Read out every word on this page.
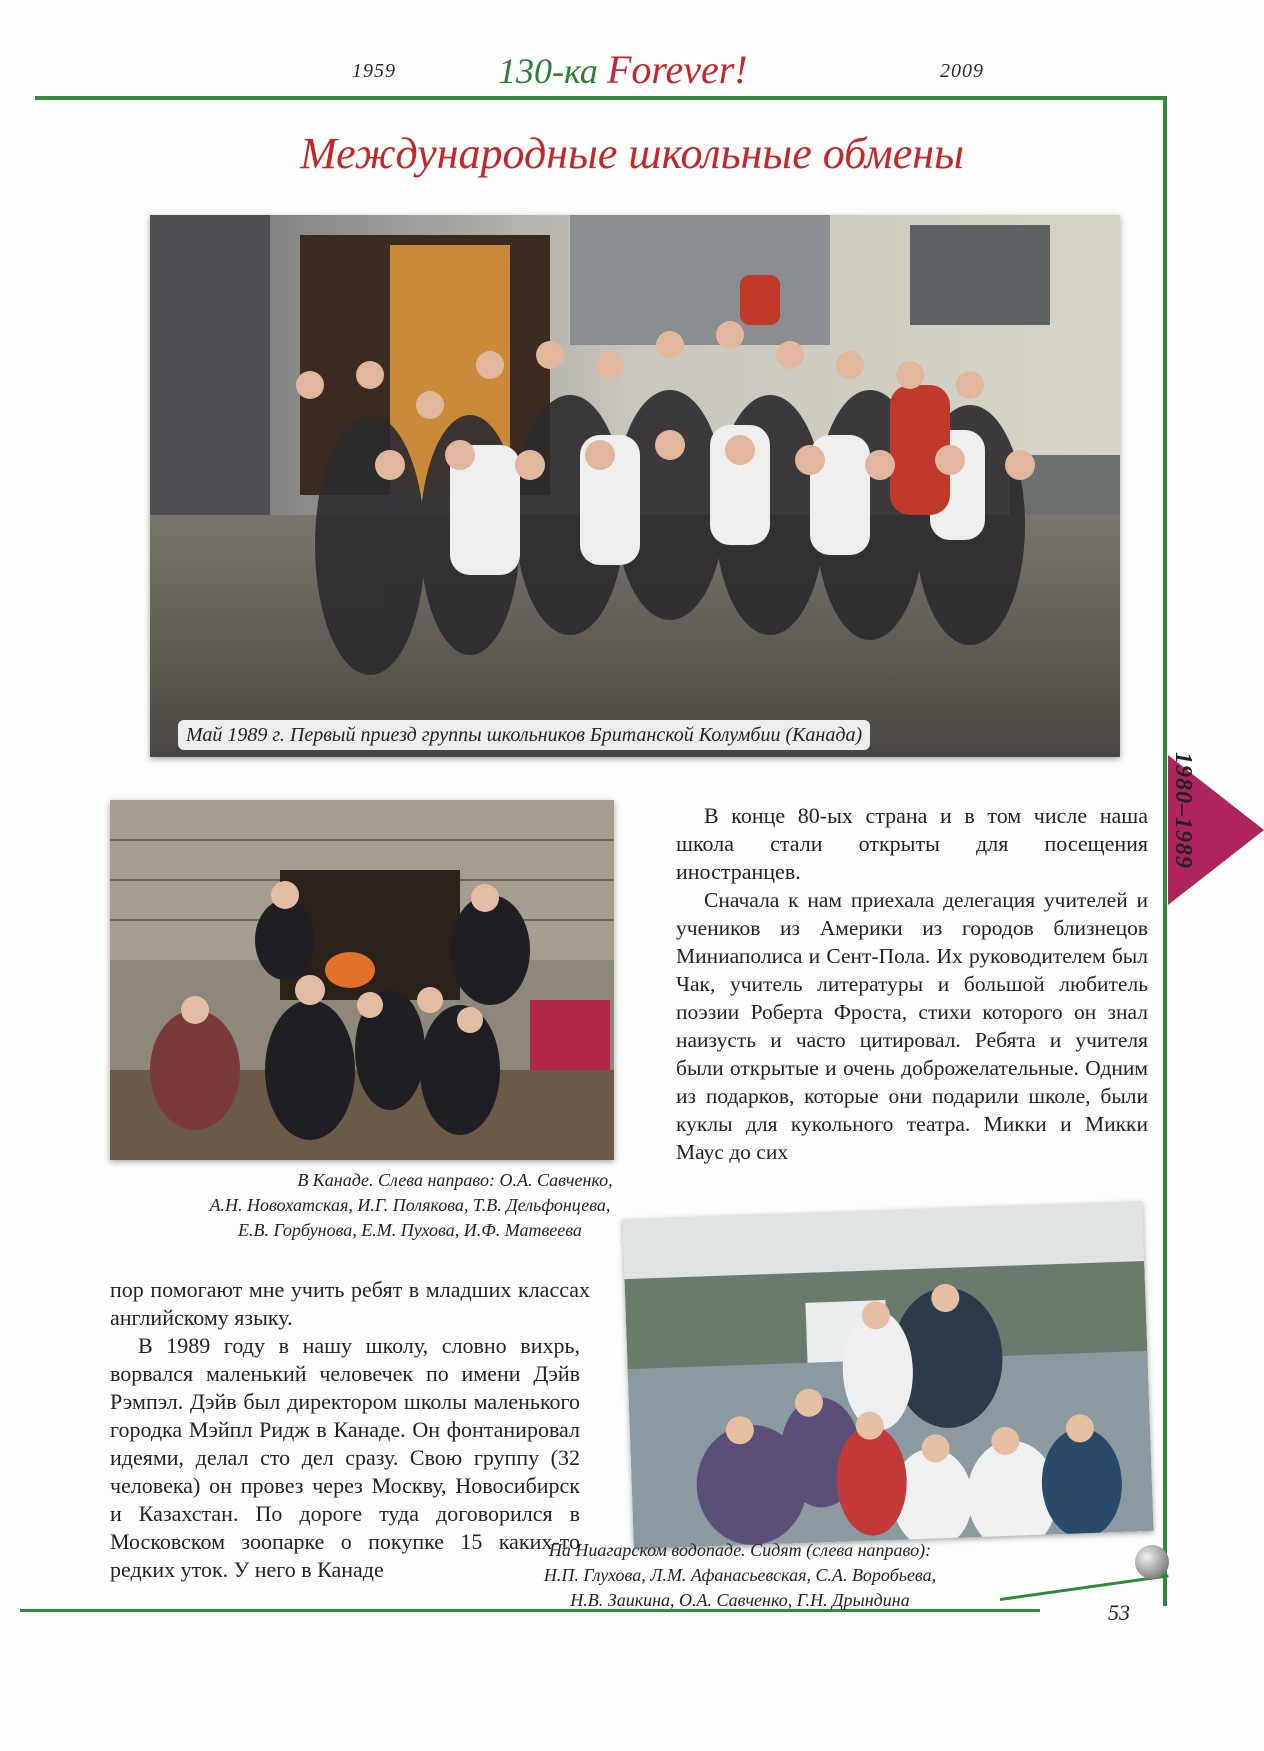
1959	130-ка Forever!	2009
Международные школьные обмены
Май 1989 г. Первый приезд группы школьников Британской Колумбии (Канада)
В Канаде. Слева направо: О.А. Савченко,
А.Н. Новохатская, И.Г. Полякова, Т.В. Дельфонцева,
Е.В. Горбунова, Е.М. Пухова, И.Ф. Матвеева
На Ниагарском водопаде. Сидят (слева направо):
Н.П. Глухова, Л.М. Афанасьевская, С.А. Воробьева,
Н.В. Заикина, О.А. Савченко, Г.Н. Дрындина

В конце 80-ых страна и в том числе наша школа стали открыты для посещения иностранцев.

Сначала к нам приехала делегация учителей и учеников из Америки из городов близнецов Миниаполиса и Сент-Пола. Их руководителем был Чак, учитель литературы и большой любитель поэзии Роберта Фроста, стихи которого он знал наизусть и часто цитировал. Ребята и учителя были открытые и очень доброжелательные. Одним из подарков, которые они подарили школе, были куклы для кукольного театра. Микки и Микки Маус до сих

пор помогают мне учить ребят в младших классах английскому языку.

В 1989 году в нашу школу, словно вихрь, ворвался маленький человечек по имени Дэйв Рэмпэл. Дэйв был директором школы маленького городка Мэйпл Ридж в Канаде. Он фонтанировал идеями, делал сто дел сразу. Свою группу (32 человека) он провез через Москву, Новосибирск и Казахстан. По дороге туда договорился в Московском зоопарке о покупке 15 каких-то редких уток. У него в Канаде

1980–1989
53
